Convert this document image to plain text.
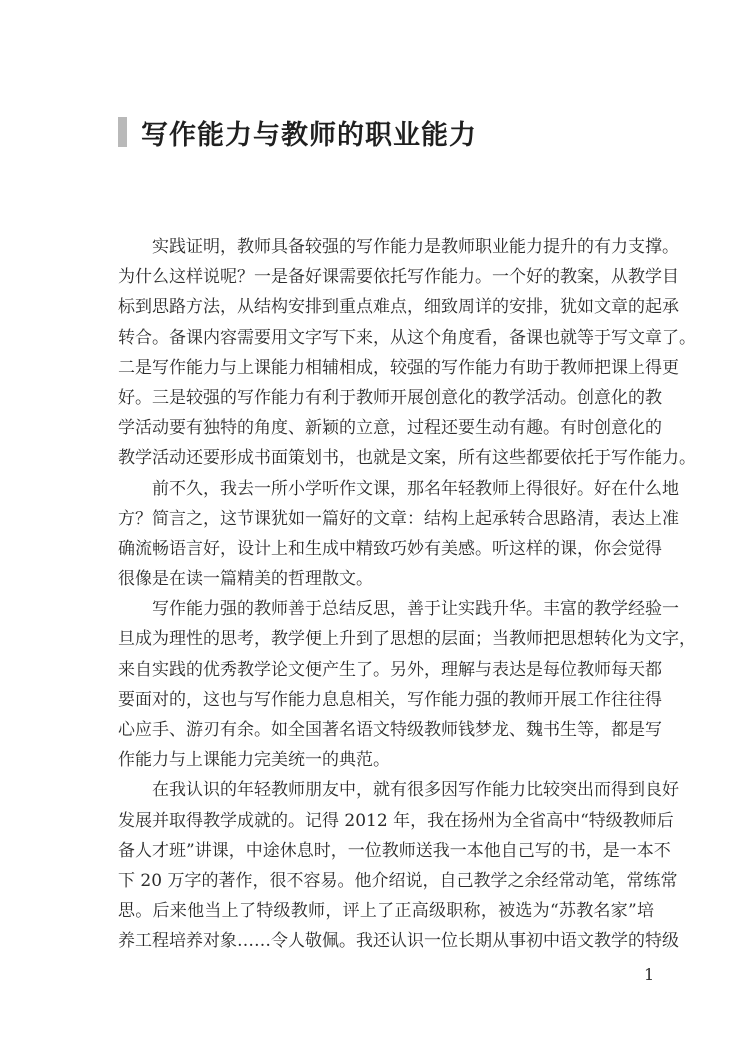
写作能力与教师的职业能力
实践证明，教师具备较强的写作能力是教师职业能力提升的有力支撑。
为什么这样说呢？一是备好课需要依托写作能力。一个好的教案，从教学目
标到思路方法，从结构安排到重点难点，细致周详的安排，犹如文章的起承
转合。备课内容需要用文字写下来，从这个角度看，备课也就等于写文章了。
二是写作能力与上课能力相辅相成，较强的写作能力有助于教师把课上得更
好。三是较强的写作能力有利于教师开展创意化的教学活动。创意化的教
学活动要有独特的角度、新颖的立意，过程还要生动有趣。有时创意化的
教学活动还要形成书面策划书，也就是文案，所有这些都要依托于写作能力。
前不久，我去一所小学听作文课，那名年轻教师上得很好。好在什么地
方？简言之，这节课犹如一篇好的文章：结构上起承转合思路清，表达上准
确流畅语言好，设计上和生成中精致巧妙有美感。听这样的课，你会觉得
很像是在读一篇精美的哲理散文。
写作能力强的教师善于总结反思，善于让实践升华。丰富的教学经验一
旦成为理性的思考，教学便上升到了思想的层面；当教师把思想转化为文字，
来自实践的优秀教学论文便产生了。另外，理解与表达是每位教师每天都
要面对的，这也与写作能力息息相关，写作能力强的教师开展工作往往得
心应手、游刃有余。如全国著名语文特级教师钱梦龙、魏书生等，都是写
作能力与上课能力完美统一的典范。
在我认识的年轻教师朋友中，就有很多因写作能力比较突出而得到良好
发展并取得教学成就的。记得 2012 年，我在扬州为全省高中“特级教师后
备人才班”讲课，中途休息时，一位教师送我一本他自己写的书，是一本不
下 20 万字的著作，很不容易。他介绍说，自己教学之余经常动笔，常练常
思。后来他当上了特级教师，评上了正高级职称，被选为“苏教名家”培
养工程培养对象……令人敬佩。我还认识一位长期从事初中语文教学的特级
1
